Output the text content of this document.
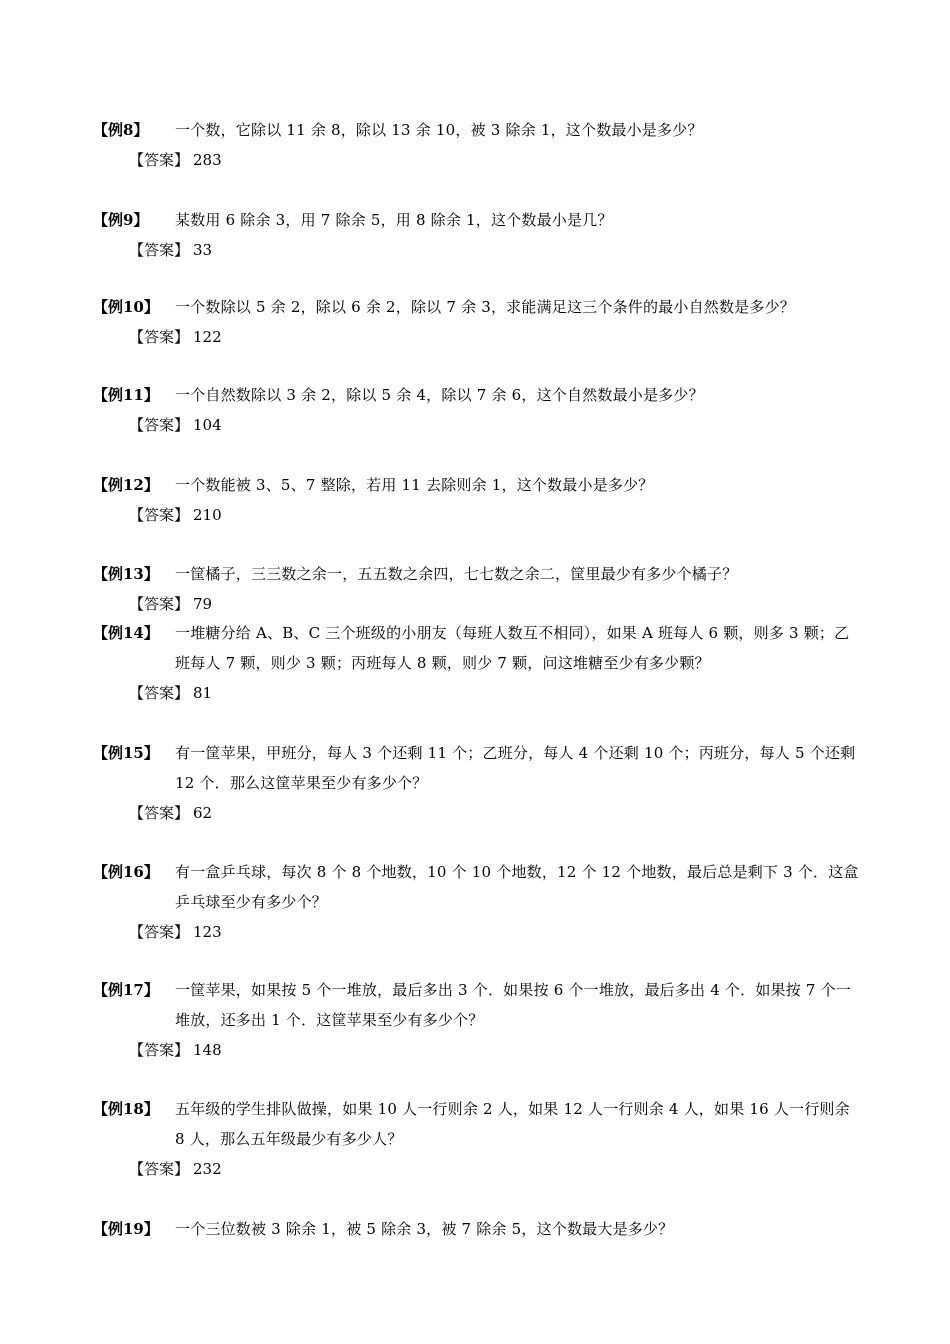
【例8】	一个数，它除以 11 余 8，除以 13 余 10，被 3 除余 1，这个数最小是多少？
【答案】 283
【例9】	某数用 6 除余 3，用 7 除余 5，用 8 除余 1，这个数最小是几？
【答案】 33
【例10】	一个数除以 5 余 2，除以 6 余 2，除以 7 余 3，求能满足这三个条件的最小自然数是多少？
【答案】 122
【例11】	一个自然数除以 3 余 2，除以 5 余 4，除以 7 余 6，这个自然数最小是多少？
【答案】 104
【例12】	一个数能被 3、5、7 整除，若用 11 去除则余 1，这个数最小是多少？
【答案】 210
【例13】	一筐橘子，三三数之余一，五五数之余四，七七数之余二，筐里最少有多少个橘子？
【答案】 79
【例14】	一堆糖分给 A、B、C 三个班级的小朋友（每班人数互不相同），如果 A 班每人 6 颗，则多 3 颗；乙班每人 7 颗，则少 3 颗；丙班每人 8 颗，则少 7 颗，问这堆糖至少有多少颗？
【答案】 81
【例15】	有一筐苹果，甲班分，每人 3 个还剩 11 个；乙班分，每人 4 个还剩 10 个；丙班分，每人 5 个还剩 12 个．那么这筐苹果至少有多少个？
【答案】 62
【例16】	有一盒乒乓球，每次 8 个 8 个地数，10 个 10 个地数，12 个 12 个地数，最后总是剩下 3 个．这盒乒乓球至少有多少个？
【答案】 123
【例17】	一筐苹果，如果按 5 个一堆放，最后多出 3 个．如果按 6 个一堆放，最后多出 4 个．如果按 7 个一堆放，还多出 1 个．这筐苹果至少有多少个？
【答案】 148
【例18】	五年级的学生排队做操，如果 10 人一行则余 2 人，如果 12 人一行则余 4 人，如果 16 人一行则余 8 人，那么五年级最少有多少人？
【答案】 232
【例19】	一个三位数被 3 除余 1，被 5 除余 3，被 7 除余 5，这个数最大是多少？
